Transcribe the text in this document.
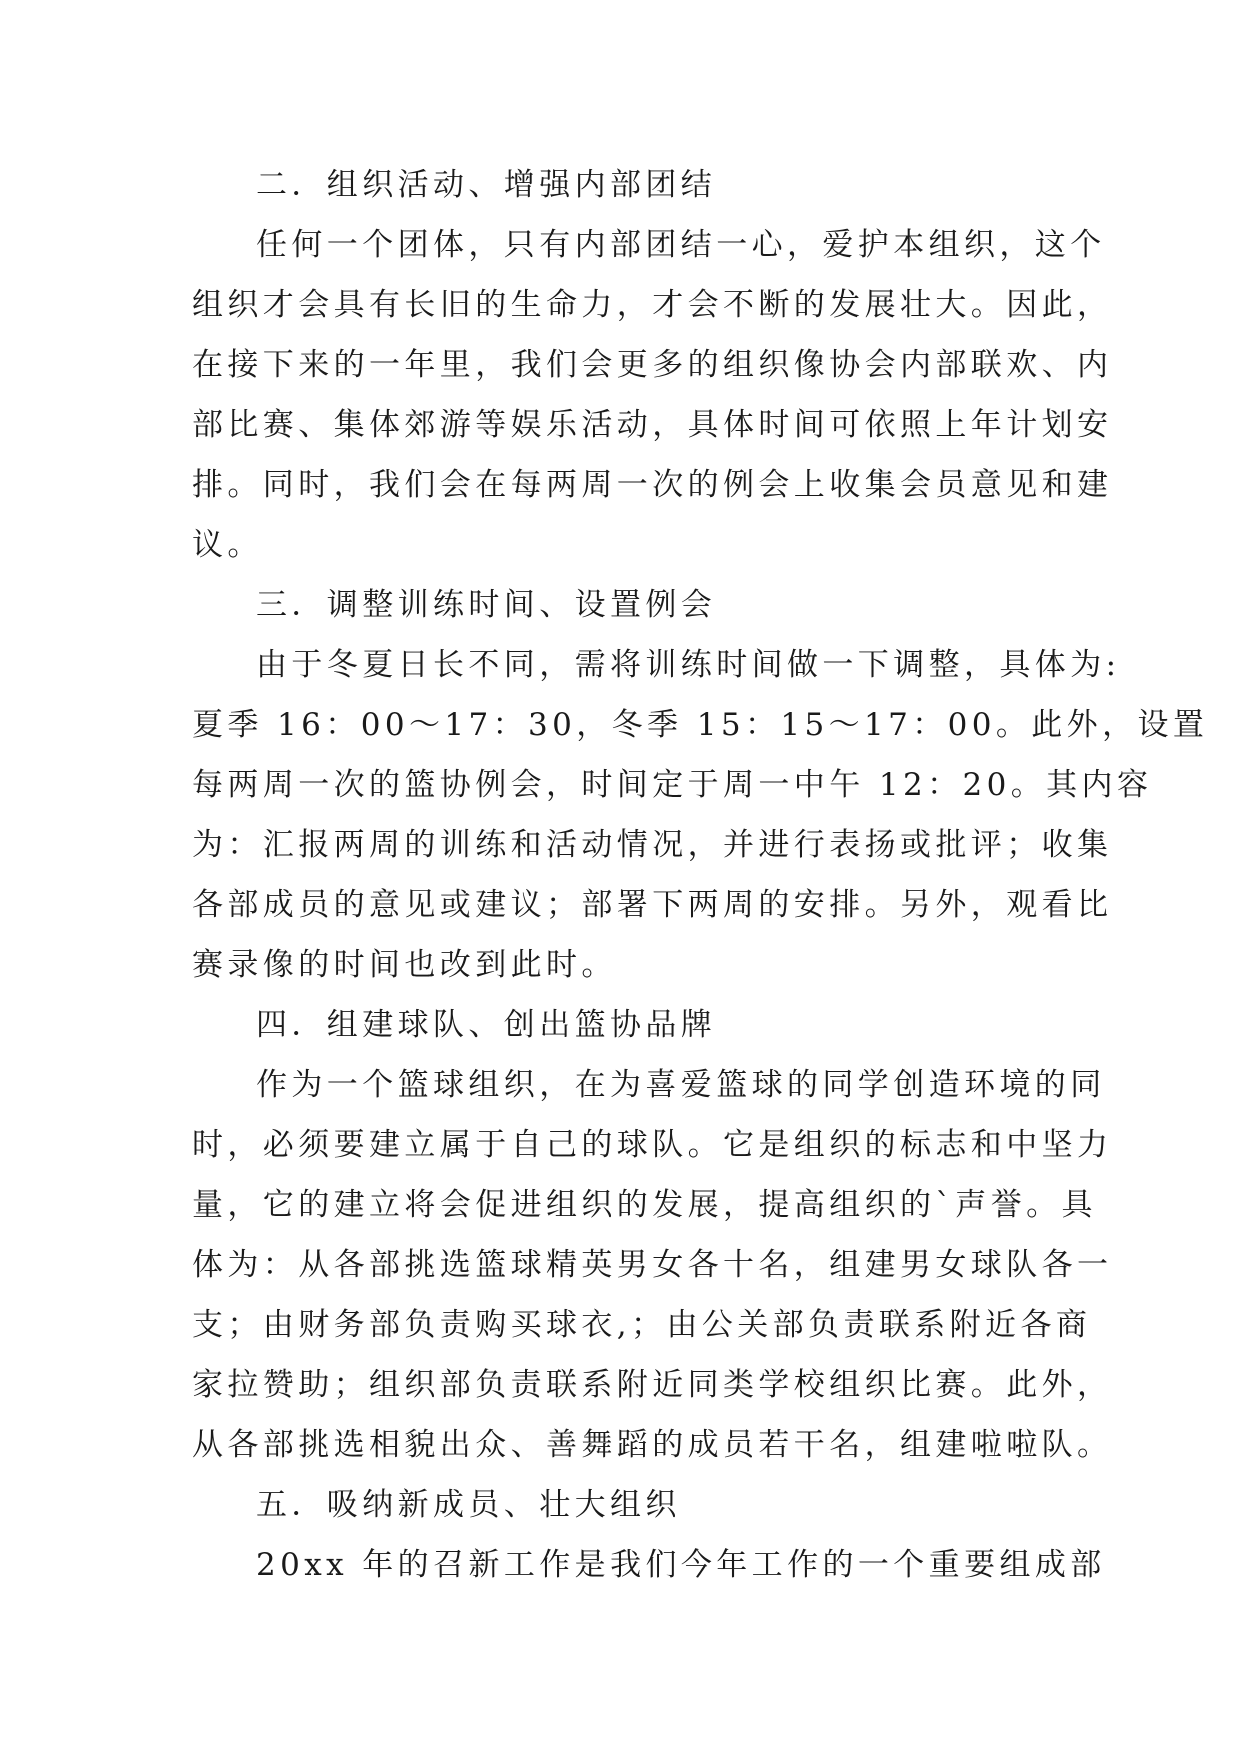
二．组织活动、增强内部团结

任何一个团体，只有内部团结一心，爱护本组织，这个

组织才会具有长旧的生命力，才会不断的发展壮大。因此，

在接下来的一年里，我们会更多的组织像协会内部联欢、内

部比赛、集体郊游等娱乐活动，具体时间可依照上年计划安

排。同时，我们会在每两周一次的例会上收集会员意见和建

议。

三．调整训练时间、设置例会

由于冬夏日长不同，需将训练时间做一下调整，具体为:

夏季 16：00～17：30，冬季 15：15～17：00。此外，设置

每两周一次的篮协例会，时间定于周一中午 12：20。其内容

为：汇报两周的训练和活动情况，并进行表扬或批评；收集

各部成员的意见或建议；部署下两周的安排。另外，观看比

赛录像的时间也改到此时。

四．组建球队、创出篮协品牌

作为一个篮球组织，在为喜爱篮球的同学创造环境的同

时，必须要建立属于自己的球队。它是组织的标志和中坚力

量，它的建立将会促进组织的发展，提高组织的`声誉。具

体为：从各部挑选篮球精英男女各十名，组建男女球队各一

支；由财务部负责购买球衣,；由公关部负责联系附近各商

家拉赞助；组织部负责联系附近同类学校组织比赛。此外，

从各部挑选相貌出众、善舞蹈的成员若干名，组建啦啦队。

五．吸纳新成员、壮大组织

20xx 年的召新工作是我们今年工作的一个重要组成部
